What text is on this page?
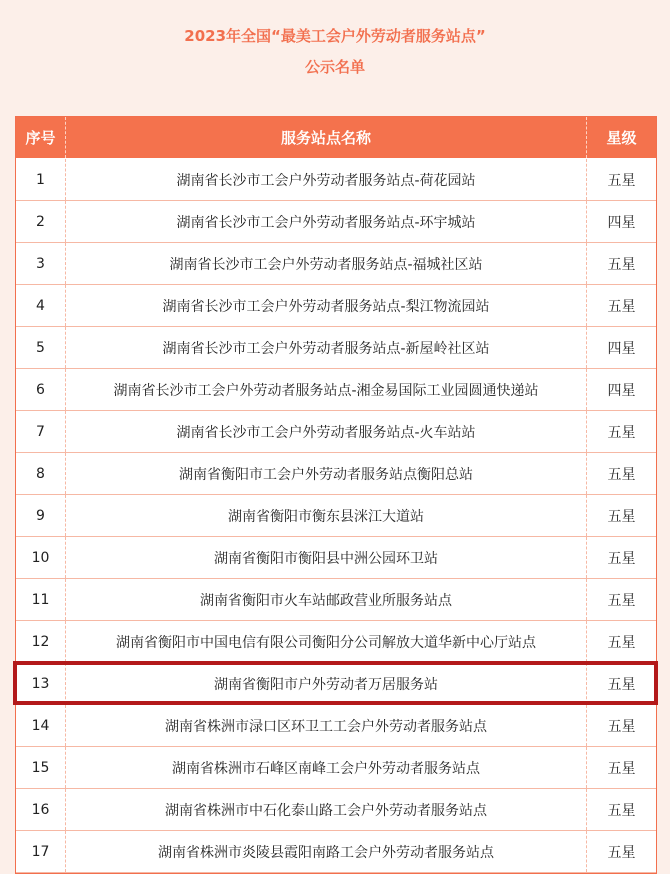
2023年全国“最美工会户外劳动者服务站点”
公示名单
序号	服务站点名称	星级
1	湖南省长沙市工会户外劳动者服务站点-荷花园站	五星
2	湖南省长沙市工会户外劳动者服务站点-环宇城站	四星
3	湖南省长沙市工会户外劳动者服务站点-福城社区站	五星
4	湖南省长沙市工会户外劳动者服务站点-梨江物流园站	五星
5	湖南省长沙市工会户外劳动者服务站点-新屋岭社区站	四星
6	湖南省长沙市工会户外劳动者服务站点-湘金易国际工业园圆通快递站	四星
7	湖南省长沙市工会户外劳动者服务站点-火车站站	五星
8	湖南省衡阳市工会户外劳动者服务站点衡阳总站	五星
9	湖南省衡阳市衡东县洣江大道站	五星
10	湖南省衡阳市衡阳县中洲公园环卫站	五星
11	湖南省衡阳市火车站邮政营业所服务站点	五星
12	湖南省衡阳市中国电信有限公司衡阳分公司解放大道华新中心厅站点	五星
13	湖南省衡阳市户外劳动者万居服务站	五星
14	湖南省株洲市渌口区环卫工工会户外劳动者服务站点	五星
15	湖南省株洲市石峰区南峰工会户外劳动者服务站点	五星
16	湖南省株洲市中石化泰山路工会户外劳动者服务站点	五星
17	湖南省株洲市炎陵县霞阳南路工会户外劳动者服务站点	五星
